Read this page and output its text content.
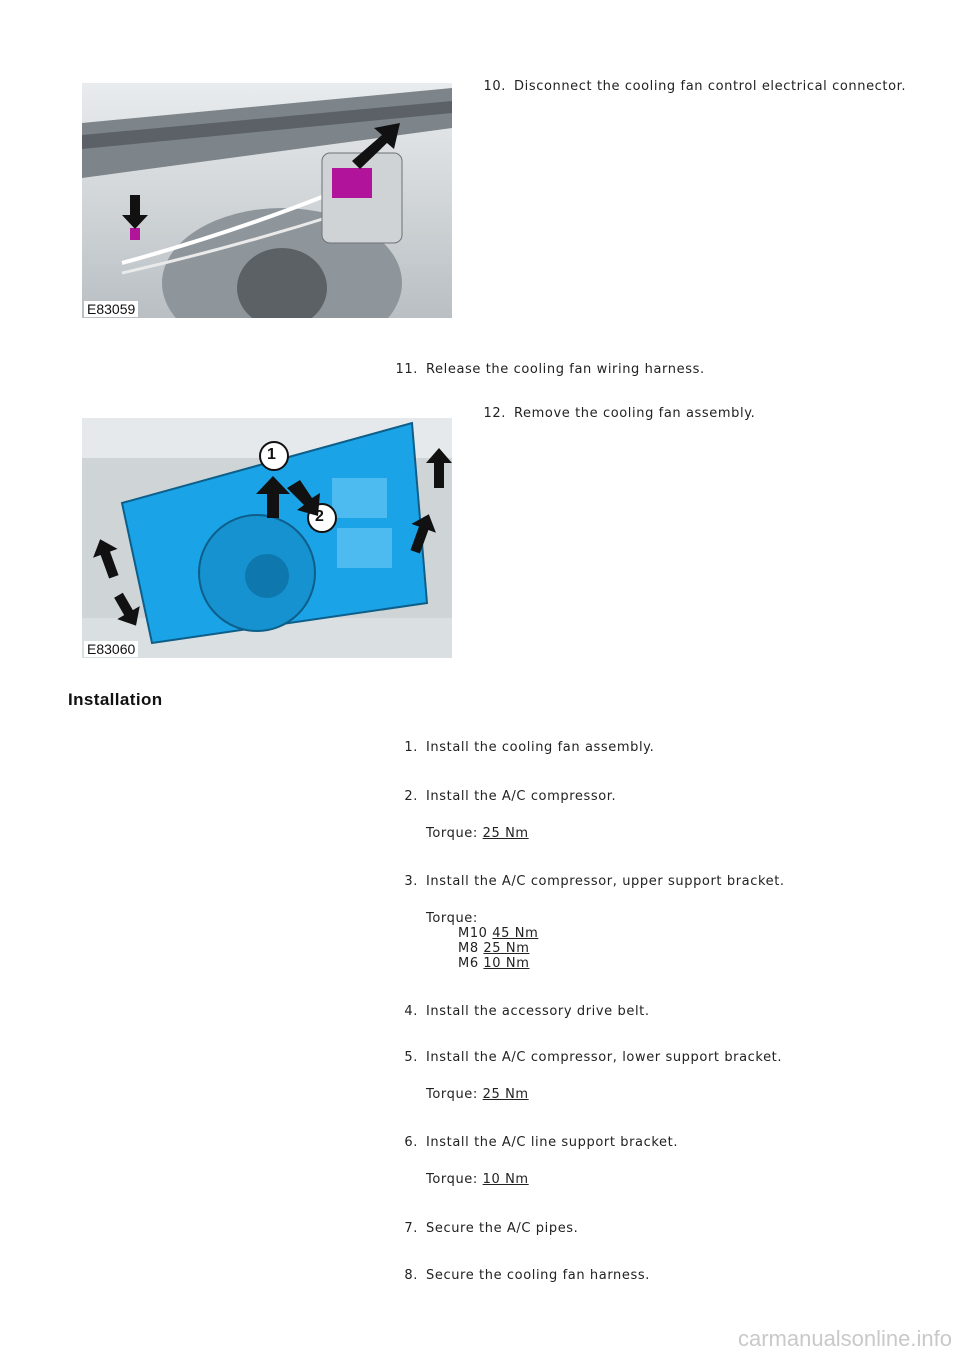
E83059
10. Disconnect the cooling fan control electrical connector.
11. Release the cooling fan wiring harness.
1
2
E83060
12. Remove the cooling fan assembly.
Installation
1. Install the cooling fan assembly.
2. Install the A/C compressor.
Torque: 25 Nm
3. Install the A/C compressor, upper support bracket.
Torque:
M10 45 Nm
M8 25 Nm
M6 10 Nm
4. Install the accessory drive belt.
5. Install the A/C compressor, lower support bracket.
Torque: 25 Nm
6. Install the A/C line support bracket.
Torque: 10 Nm
7. Secure the A/C pipes.
8. Secure the cooling fan harness.
carmanualsonline.info
